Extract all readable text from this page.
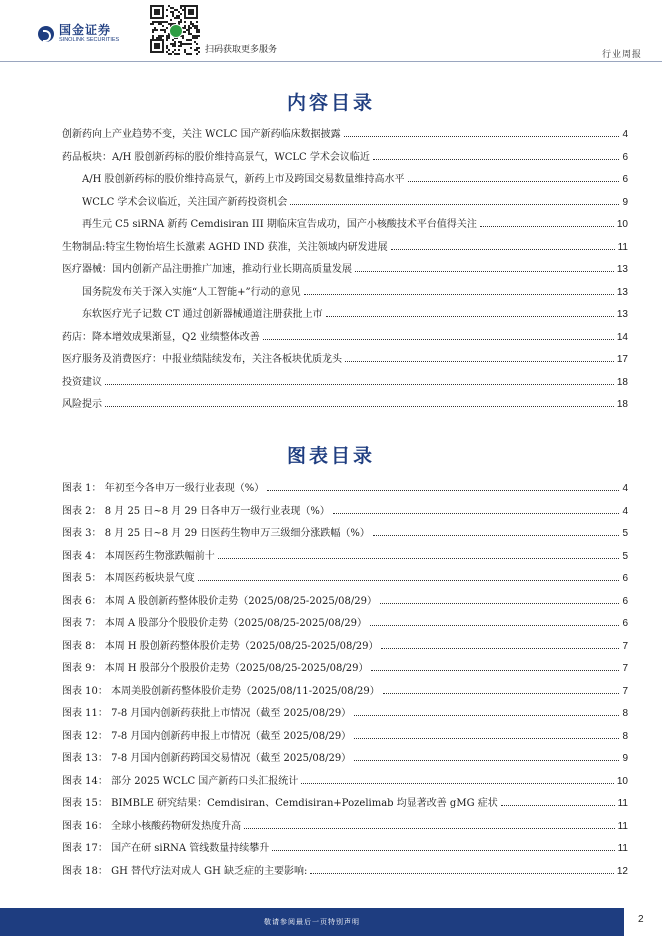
国金证券
SINOLINK SECURITIES
扫码获取更多服务	行业周报
内容目录
创新药向上产业趋势不变，关注 WCLC 国产新药临床数据披露	4
药品板块：A/H 股创新药标的股价维持高景气，WCLC 学术会议临近	6
A/H 股创新药标的股价维持高景气，新药上市及跨国交易数量维持高水平	6
WCLC 学术会议临近，关注国产新药投资机会	9
再生元 C5 siRNA 新药 Cemdisiran III 期临床宣告成功，国产小核酸技术平台值得关注	10
生物制品:特宝生物怡培生长激素 AGHD IND 获准，关注领域内研发进展	11
医疗器械：国内创新产品注册推广加速，推动行业长期高质量发展	13
国务院发布关于深入实施“人工智能+”行动的意见	13
东软医疗光子记数 CT 通过创新器械通道注册获批上市	13
药店：降本增效成果渐显，Q2 业绩整体改善	14
医疗服务及消费医疗：中报业绩陆续发布，关注各板块优质龙头	17
投资建议	18
风险提示	18
图表目录
图表 1： 年初至今各申万一级行业表现（%）	4
图表 2： 8 月 25 日~8 月 29 日各申万一级行业表现（%）	4
图表 3： 8 月 25 日~8 月 29 日医药生物申万三级细分涨跌幅（%）	5
图表 4： 本周医药生物涨跌幅前十	5
图表 5： 本周医药板块景气度	6
图表 6： 本周 A 股创新药整体股价走势（2025/08/25-2025/08/29）	6
图表 7： 本周 A 股部分个股股价走势（2025/08/25-2025/08/29）	6
图表 8： 本周 H 股创新药整体股价走势（2025/08/25-2025/08/29）	7
图表 9： 本周 H 股部分个股股价走势（2025/08/25-2025/08/29）	7
图表 10： 本周美股创新药整体股价走势（2025/08/11-2025/08/29）	7
图表 11： 7-8 月国内创新药获批上市情况（截至 2025/08/29）	8
图表 12： 7-8 月国内创新药申报上市情况（截至 2025/08/29）	8
图表 13： 7-8 月国内创新药跨国交易情况（截至 2025/08/29）	9
图表 14： 部分 2025 WCLC 国产新药口头汇报统计	10
图表 15： BIMBLE 研究结果：Cemdisiran、Cemdisiran+Pozelimab 均显著改善 gMG 症状	11
图表 16： 全球小核酸药物研发热度升高	11
图表 17： 国产在研 siRNA 管线数量持续攀升	11
图表 18： GH 替代疗法对成人 GH 缺乏症的主要影响:	12
敬请参阅最后一页特别声明	2
